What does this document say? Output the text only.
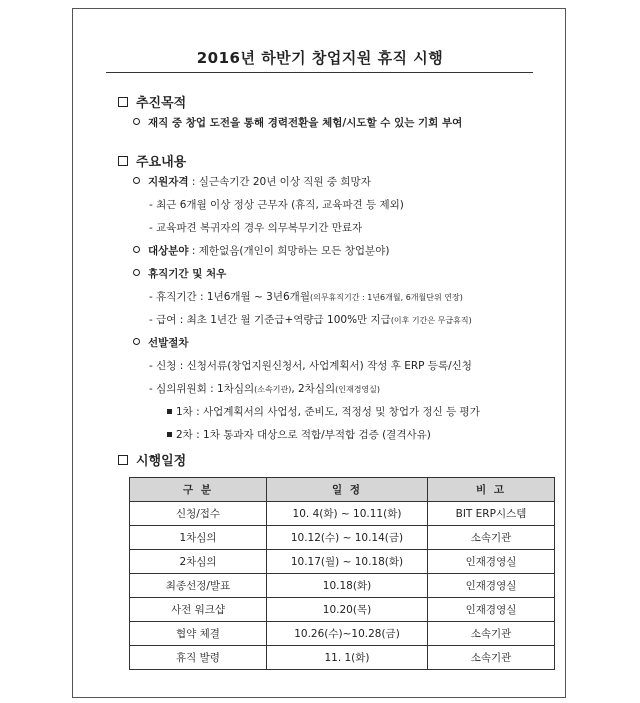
2016년 하반기 창업지원 휴직 시행
추진목적
재직 중 창업 도전을 통해 경력전환을 체험/시도할 수 있는 기회 부여
주요내용
지원자격 : 실근속기간 20년 이상 직원 중 희망자
- 최근 6개월 이상 정상 근무자 (휴직, 교육파견 등 제외)
- 교육파견 복귀자의 경우 의무복무기간 만료자
대상분야 : 제한없음(개인이 희망하는 모든 창업분야)
휴직기간 및 처우
- 휴직기간 : 1년6개월 ~ 3년6개월(의무휴직기간 : 1년6개월, 6개월단위 연장)
- 급여 : 최초 1년간 월 기준급+역량급 100%만 지급(이후 기간은 무급휴직)
선발절차
- 신청 : 신청서류(창업지원신청서, 사업계획서) 작성 후 ERP 등록/신청
- 심의위원회 : 1차심의(소속기관), 2차심의(인재경영실)
1차 : 사업계획서의 사업성, 준비도, 적정성 및 창업가 정신 등 평가
2차 : 1차 통과자 대상으로 적합/부적합 검증 (결격사유)
시행일정
구 분	일 정	비 고
신청/접수	10. 4(화) ~ 10.11(화)	BIT ERP시스템
1차심의	10.12(수) ~ 10.14(금)	소속기관
2차심의	10.17(월) ~ 10.18(화)	인재경영실
최종선정/발표	10.18(화)	인재경영실
사전 워크샵	10.20(목)	인재경영실
협약 체결	10.26(수)~10.28(금)	소속기관
휴직 발령	11. 1(화)	소속기관
